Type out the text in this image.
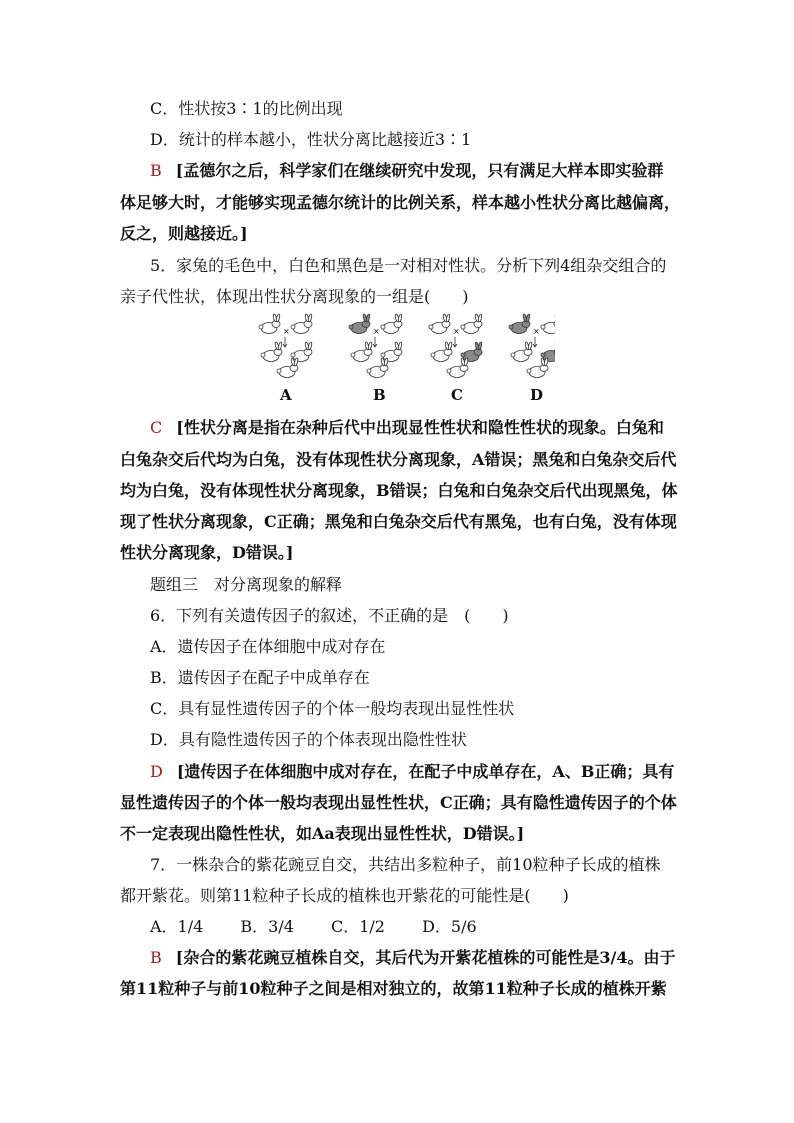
C．性状按3∶1的比例出现
D．统计的样本越小，性状分离比越接近3∶1
B [孟德尔之后，科学家们在继续研究中发现，只有满足大样本即实验群
体足够大时，才能够实现孟德尔统计的比例关系，样本越小性状分离比越偏离，
反之，则越接近。]
5．家兔的毛色中，白色和黑色是一对相对性状。分析下列4组杂交组合的
亲子代性状，体现出性状分离现象的一组是(　　)
C [性状分离是指在杂种后代中出现显性性状和隐性性状的现象。白兔和
白兔杂交后代均为白兔，没有体现性状分离现象，A错误；黑兔和白兔杂交后代
均为白兔，没有体现性状分离现象，B错误；白兔和白兔杂交后代出现黑兔，体
现了性状分离现象，C正确；黑兔和白兔杂交后代有黑兔，也有白兔，没有体现
性状分离现象，D错误。]
题组三　对分离现象的解释
6．下列有关遗传因子的叙述，不正确的是　(　　)
A．遗传因子在体细胞中成对存在
B．遗传因子在配子中成单存在
C．具有显性遗传因子的个体一般均表现出显性性状
D．具有隐性遗传因子的个体表现出隐性性状
D [遗传因子在体细胞中成对存在，在配子中成单存在，A、B正确；具有
显性遗传因子的个体一般均表现出显性性状，C正确；具有隐性遗传因子的个体
不一定表现出隐性性状，如Aa表现出显性性状，D错误。]
7．一株杂合的紫花豌豆自交，共结出多粒种子，前10粒种子长成的植株
都开紫花。则第11粒种子长成的植株也开紫花的可能性是(　　)
A．1/4　　 B．3/4　　 C．1/2　　 D．5/6
B [杂合的紫花豌豆植株自交，其后代为开紫花植株的可能性是3/4。由于
第11粒种子与前10粒种子之间是相对独立的，故第11粒种子长成的植株开紫
A	B	C	D
×	×	×	×
